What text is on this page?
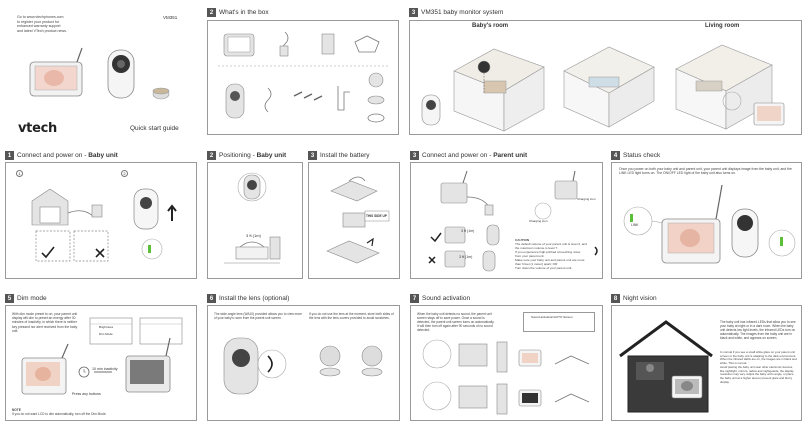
Go to www.vtechphones.com
to register your product for
enhanced warranty support
and latest VTech product news.
VM351
vtech	Quick start guide
2 What's in the box	3 VM351 baby monitor system
Baby's room	Living room
1 Connect and power on - Baby unit
1	2
2 Positioning - Baby unit
3 ft (1m)
3 Install the battery
THIS SIDE UP
3 Connect and power on - Parent unit
3 ft (1m)
3 ft (1m)
Charging icon
Charging icon
CAUTION
The default volume of your parent unit is level 4, and the maximum volume is level 7.
If you experience high-pitched screeching noise from your parent unit:
Make sure your baby unit and parent unit are more than 3 feet (1 meter) apart; OR
Turn down the volume of your parent unit.
4 Status check
Once you power on both your baby unit and parent unit, your parent unit displays image from the baby unit, and the LINK LED light turns on. The ON/OFF LED light of the baby unit also turns on.
LINK
5 Dim mode
With dim mode preset to on, your parent unit display will dim to preset an energy after 30 minutes of inactivity, in which there is neither key pressed nor alert received from the baby unit.
Brightness
Dim Mode
10 min inactivity
Press any buttons
NOTE
If you do not want LCD to dim automatically, turn off the Dim Mode.
6 Install the lens (optional)
The wide-angle lens (WA10) provided allows you to view more of your baby's room from the parent unit screen.
If you do not use the lens at the moment, store both sides of the lens with the lens covers provided to avoid scratches.
7 Sound activation
When the baby unit detects no sound, the parent unit screen stays off to save power. Once a sound is detected, the parent unit screen turns on automatically. It will then turn off again after 90 seconds of no sound detected.
Sound activation/AUTO Screen
8 Night vision
The baby unit has infrared LEDs that allow you to see your baby at night or in a dark room. When the baby unit detects low light levels, the infrared LEDs turn on automatically. The images from the baby unit are in black and white, and appears on screen.
In normal if you see a small white glare on your parent unit screen or the baby unit is adapting to the dark environment.
When the infrared LEDs are on, the images are in black and white. This is normal.
Avoid placing the baby unit near other electronic devices, like nightlight, mirrors, radios and nightguards, the display resolution may vary. Adjust the baby unit's angle, or place the baby unit at a higher area to prevent glare and blurry display.
